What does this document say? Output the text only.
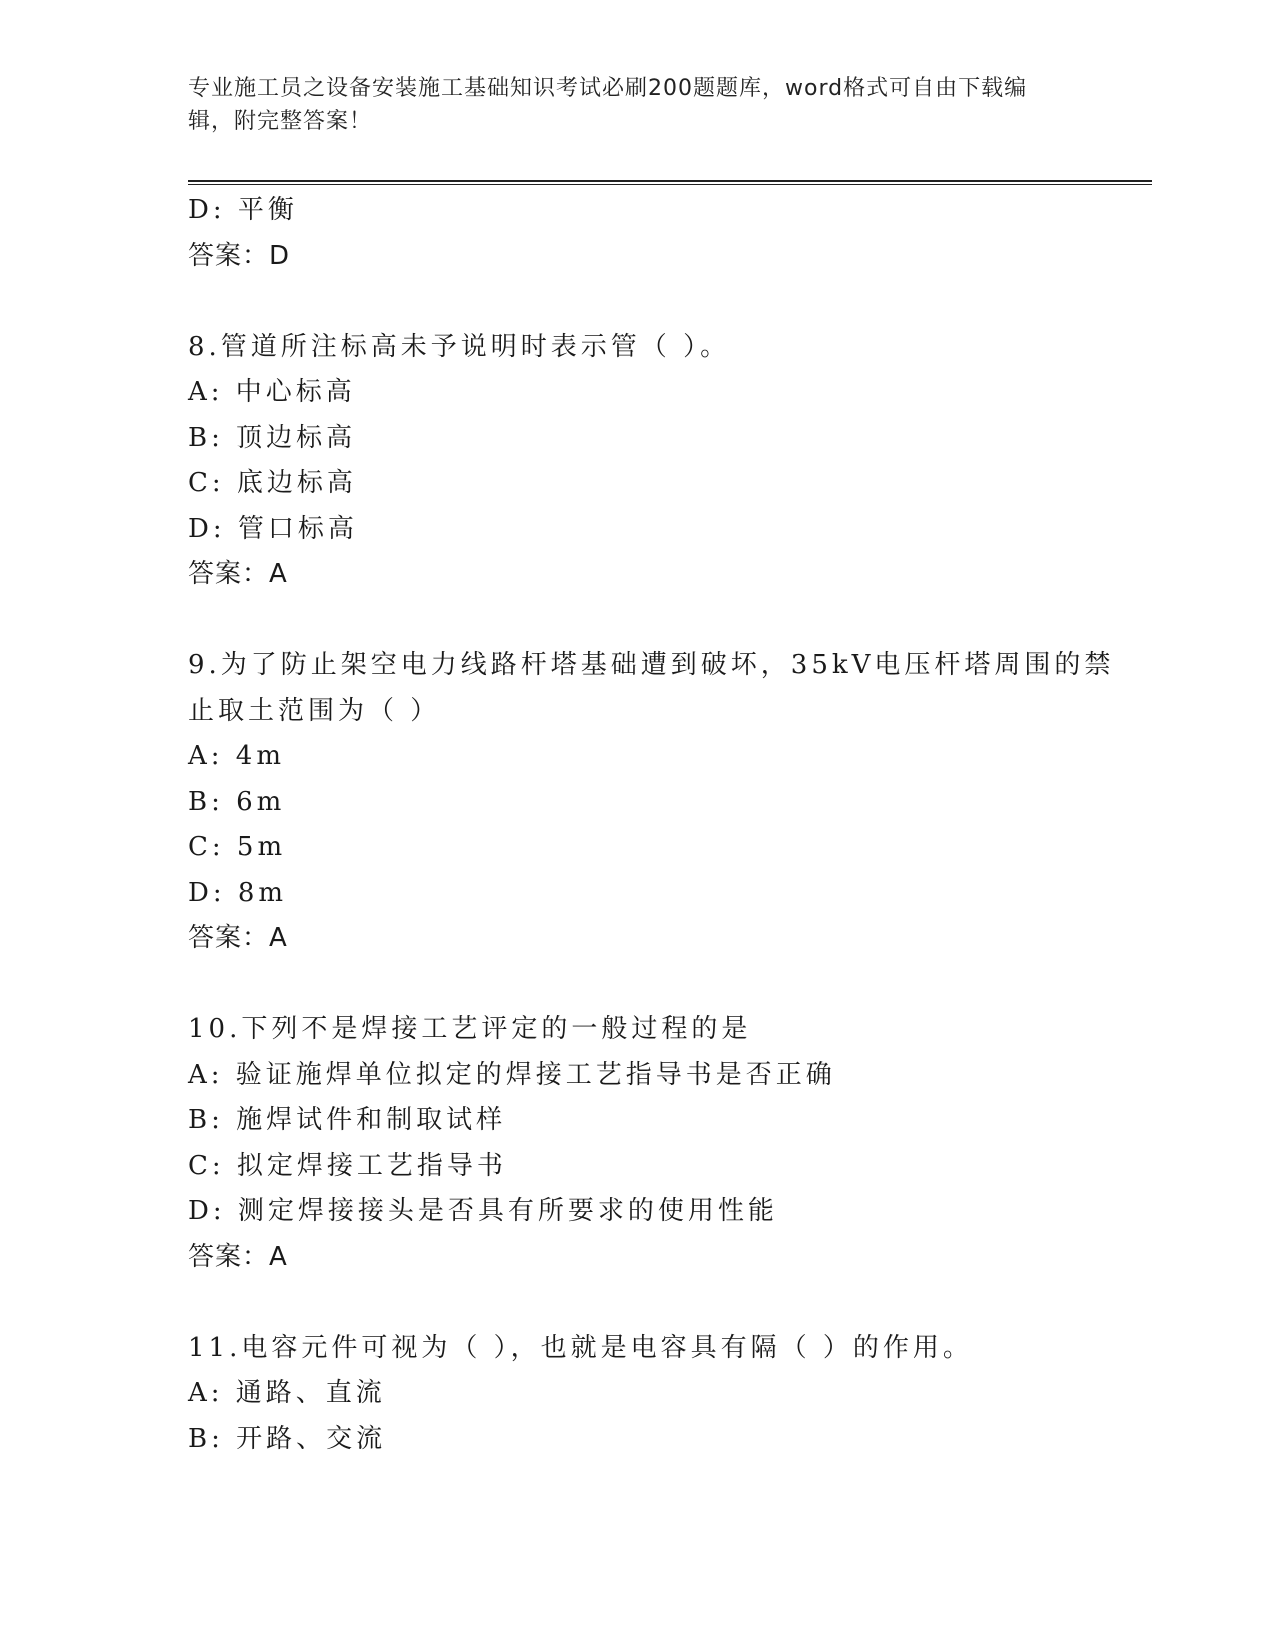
专业施工员之设备安装施工基础知识考试必刷200题题库，word格式可自由下载编辑，附完整答案！
D: 平衡
答案：D
8.管道所注标高未予说明时表示管（ ）。
A: 中心标高
B: 顶边标高
C: 底边标高
D: 管口标高
答案：A
9.为了防止架空电力线路杆塔基础遭到破坏，35kV电压杆塔周围的禁
止取土范围为（ ）
A: 4m
B: 6m
C: 5m
D: 8m
答案：A
10.下列不是焊接工艺评定的一般过程的是
A: 验证施焊单位拟定的焊接工艺指导书是否正确
B: 施焊试件和制取试样
C: 拟定焊接工艺指导书
D: 测定焊接接头是否具有所要求的使用性能
答案：A
11.电容元件可视为（ ），也就是电容具有隔（ ）的作用。
A: 通路、直流
B: 开路、交流
